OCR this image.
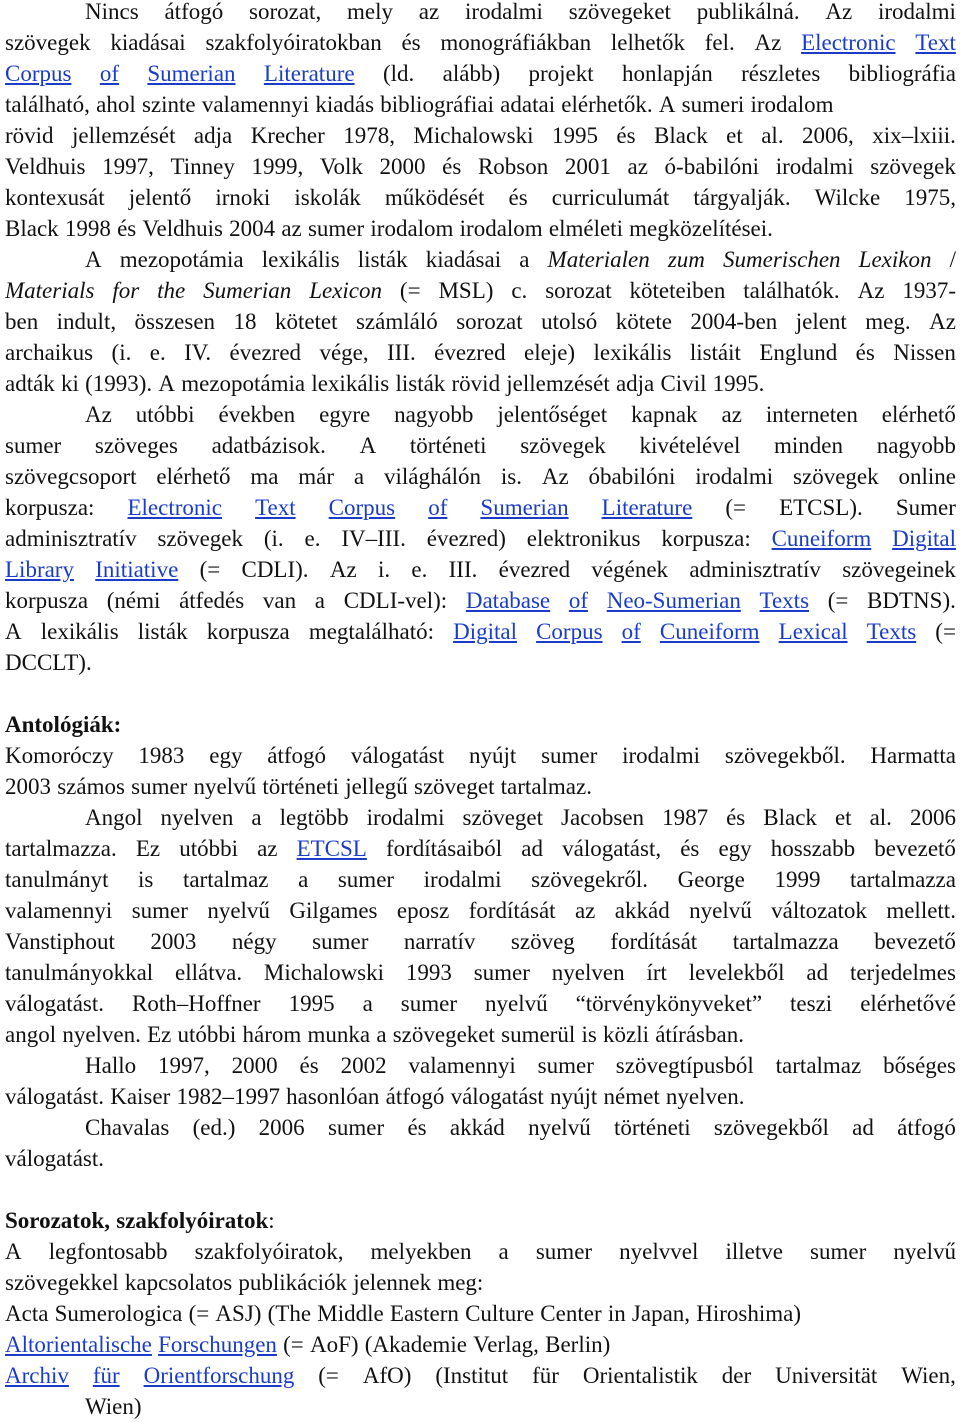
Nincs átfogó sorozat, mely az irodalmi szövegeket publikálná. Az irodalmi
szövegek kiadásai szakfolyóiratokban és monográfiákban lelhetők fel. Az Electronic Text
Corpus of Sumerian Literature (ld. alább) projekt honlapján részletes bibliográfia
található, ahol szinte valamennyi kiadás bibliográfiai adatai elérhetők. A sumeri irodalom
rövid jellemzését adja Krecher 1978, Michalowski 1995 és Black et al. 2006, xix–lxiii.
Veldhuis 1997, Tinney 1999, Volk 2000 és Robson 2001 az ó-babilóni irodalmi szövegek
kontexusát jelentő irnoki iskolák működését és curriculumát tárgyalják. Wilcke 1975,
Black 1998 és Veldhuis 2004 az sumer irodalom irodalom elméleti megközelítései.
A mezopotámia lexikális listák kiadásai a Materialen zum Sumerischen Lexikon /
Materials for the Sumerian Lexicon (= MSL) c. sorozat köteteiben találhatók. Az 1937-
ben indult, összesen 18 kötetet számláló sorozat utolsó kötete 2004-ben jelent meg. Az
archaikus (i. e. IV. évezred vége, III. évezred eleje) lexikális listáit Englund és Nissen
adták ki (1993). A mezopotámia lexikális listák rövid jellemzését adja Civil 1995.
Az utóbbi években egyre nagyobb jelentőséget kapnak az interneten elérhető
sumer szöveges adatbázisok. A történeti szövegek kivételével minden nagyobb
szövegcsoport elérhető ma már a világhálón is. Az óbabilóni irodalmi szövegek online
korpusza: Electronic Text Corpus of Sumerian Literature (= ETCSL). Sumer
adminisztratív szövegek (i. e. IV–III. évezred) elektronikus korpusza: Cuneiform Digital
Library Initiative (= CDLI). Az i. e. III. évezred végének adminisztratív szövegeinek
korpusza (némi átfedés van a CDLI-vel): Database of Neo-Sumerian Texts (= BDTNS).
A lexikális listák korpusza megtalálható: Digital Corpus of Cuneiform Lexical Texts (=
DCCLT).
Antológiák:
Komoróczy 1983 egy átfogó válogatást nyújt sumer irodalmi szövegekből. Harmatta
2003 számos sumer nyelvű történeti jellegű szöveget tartalmaz.
Angol nyelven a legtöbb irodalmi szöveget Jacobsen 1987 és Black et al. 2006
tartalmazza. Ez utóbbi az ETCSL fordításaiból ad válogatást, és egy hosszabb bevezető
tanulmányt is tartalmaz a sumer irodalmi szövegekről. George 1999 tartalmazza
valamennyi sumer nyelvű Gilgames eposz fordítását az akkád nyelvű változatok mellett.
Vanstiphout 2003 négy sumer narratív szöveg fordítását tartalmazza bevezető
tanulmányokkal ellátva. Michalowski 1993 sumer nyelven írt levelekből ad terjedelmes
válogatást. Roth–Hoffner 1995 a sumer nyelvű “törvénykönyveket” teszi elérhetővé
angol nyelven. Ez utóbbi három munka a szövegeket sumerül is közli átírásban.
Hallo 1997, 2000 és 2002 valamennyi sumer szövegtípusból tartalmaz bőséges
válogatást. Kaiser 1982–1997 hasonlóan átfogó válogatást nyújt német nyelven.
Chavalas (ed.) 2006 sumer és akkád nyelvű történeti szövegekből ad átfogó
válogatást.
Sorozatok, szakfolyóiratok:
A legfontosabb szakfolyóiratok, melyekben a sumer nyelvvel illetve sumer nyelvű
szövegekkel kapcsolatos publikációk jelennek meg:
Acta Sumerologica (= ASJ) (The Middle Eastern Culture Center in Japan, Hiroshima)
Altorientalische Forschungen (= AoF) (Akademie Verlag, Berlin)
Archiv für Orientforschung (= AfO) (Institut für Orientalistik der Universität Wien,
Wien)
